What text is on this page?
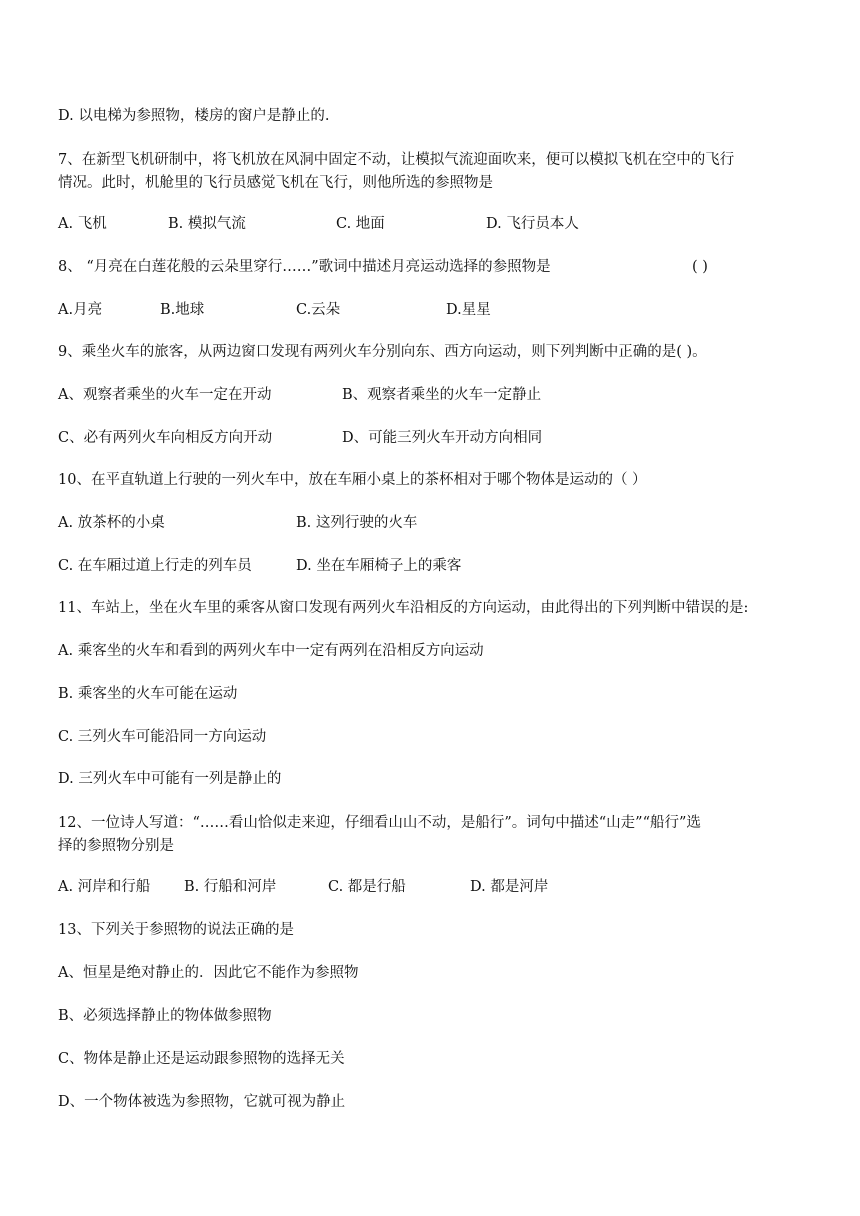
D. 以电梯为参照物，楼房的窗户是静止的.
7、在新型飞机研制中，将飞机放在风洞中固定不动，让模拟气流迎面吹来，便可以模拟飞机在空中的飞行
情况。此时，机舱里的飞行员感觉飞机在飞行，则他所选的参照物是
A. 飞机	B. 模拟气流	C. 地面	D. 飞行员本人
8、 “月亮在白莲花般的云朵里穿行……”歌词中描述月亮运动选择的参照物是	( )
A.月亮	B.地球	C.云朵	D.星星
9、乘坐火车的旅客，从两边窗口发现有两列火车分别向东、西方向运动，则下列判断中正确的是( )。
A、观察者乘坐的火车一定在开动	B、观察者乘坐的火车一定静止
C、必有两列火车向相反方向开动	D、可能三列火车开动方向相同
10、在平直轨道上行驶的一列火车中，放在车厢小桌上的茶杯相对于哪个物体是运动的（ ）
A. 放茶杯的小桌	B. 这列行驶的火车
C. 在车厢过道上行走的列车员	D. 坐在车厢椅子上的乘客
11、车站上，坐在火车里的乘客从窗口发现有两列火车沿相反的方向运动，由此得出的下列判断中错误的是:
A. 乘客坐的火车和看到的两列火车中一定有两列在沿相反方向运动
B. 乘客坐的火车可能在运动
C. 三列火车可能沿同一方向运动
D. 三列火车中可能有一列是静止的
12、一位诗人写道：“……看山恰似走来迎，仔细看山山不动，是船行”。词句中描述“山走”“船行”选
择的参照物分别是
A. 河岸和行船 B. 行船和河岸	C. 都是行船	D. 都是河岸
13、下列关于参照物的说法正确的是
A、恒星是绝对静止的．因此它不能作为参照物
B、必须选择静止的物体做参照物
C、物体是静止还是运动跟参照物的选择无关
D、一个物体被选为参照物，它就可视为静止
